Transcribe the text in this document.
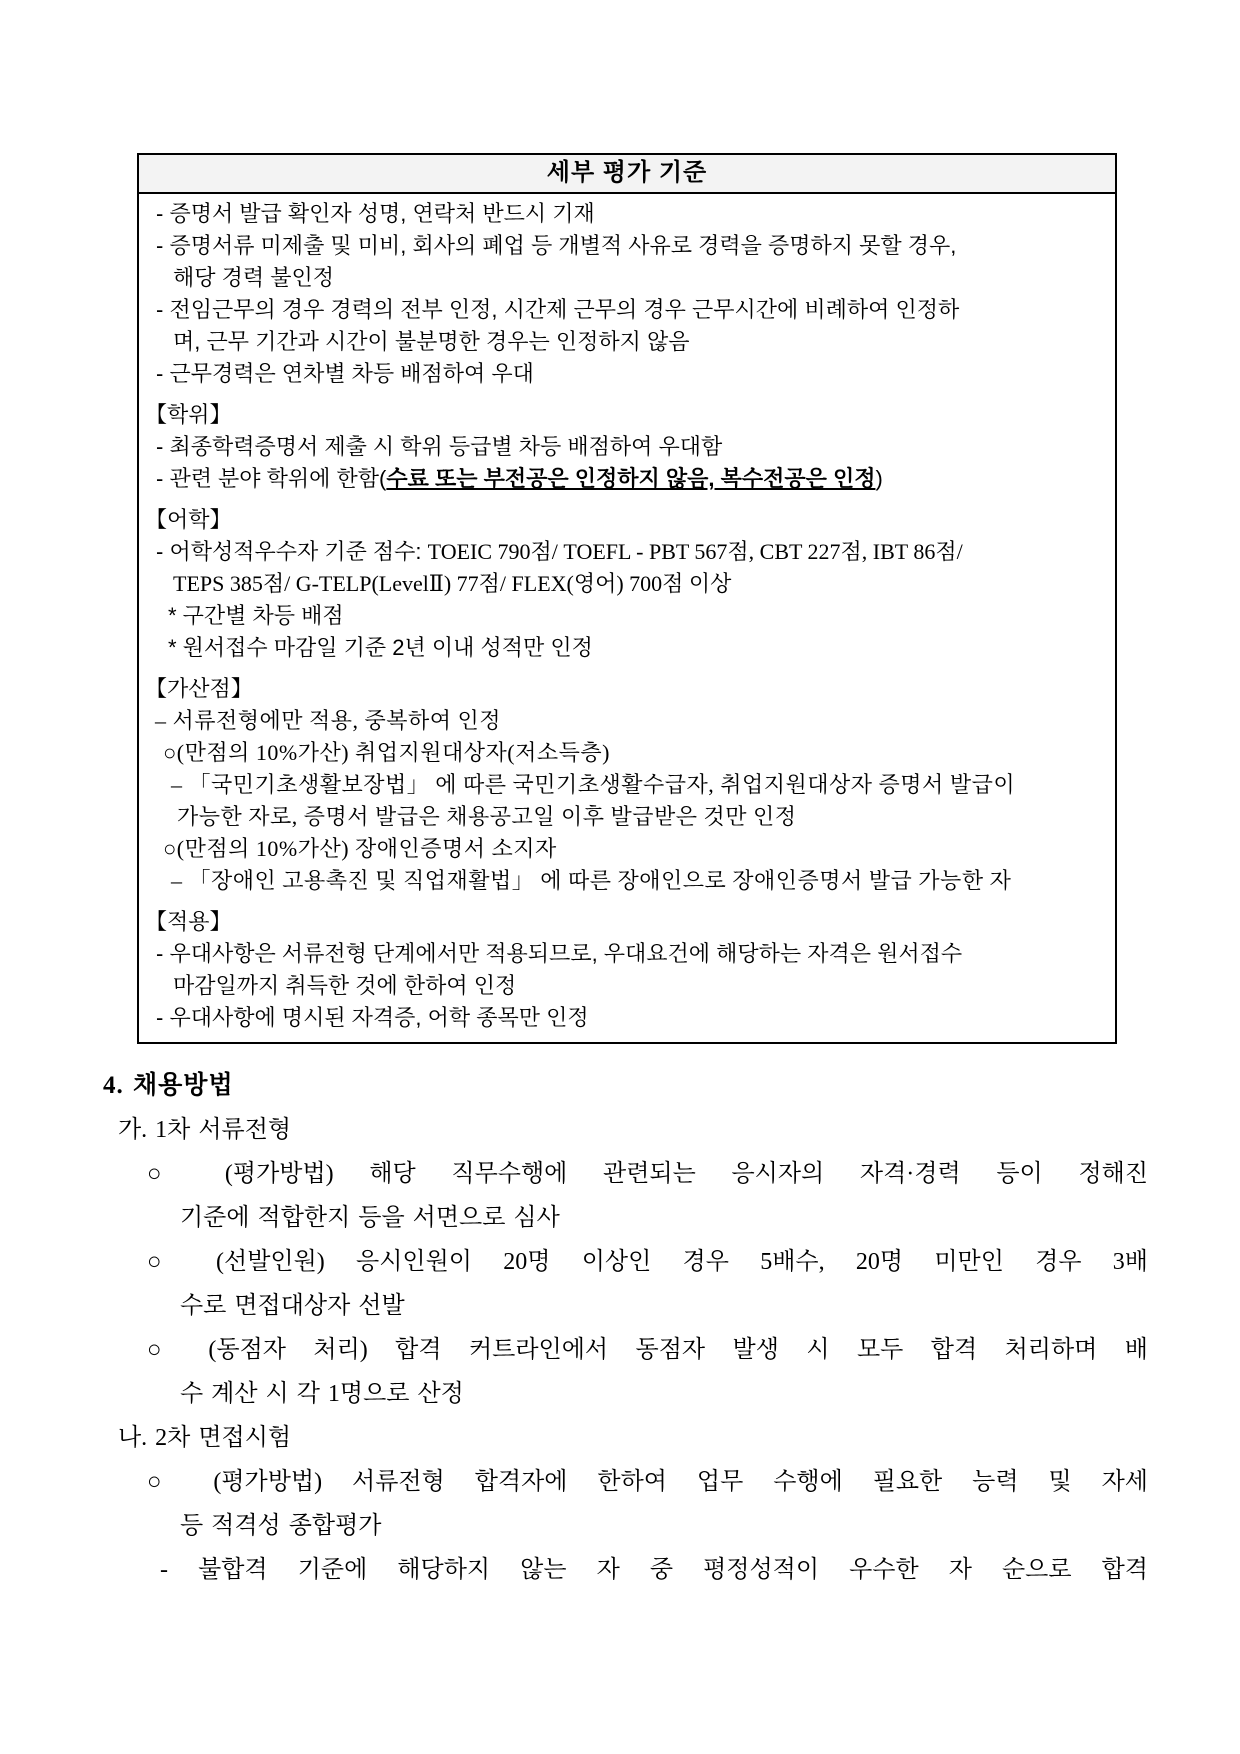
세부 평가 기준
- 증명서 발급 확인자 성명, 연락처 반드시 기재
- 증명서류 미제출 및 미비, 회사의 폐업 등 개별적 사유로 경력을 증명하지 못할 경우,
해당 경력 불인정
- 전임근무의 경우 경력의 전부 인정, 시간제 근무의 경우 근무시간에 비례하여 인정하
며, 근무 기간과 시간이 불분명한 경우는 인정하지 않음
- 근무경력은 연차별 차등 배점하여 우대
【학위】
- 최종학력증명서 제출 시 학위 등급별 차등 배점하여 우대함
- 관련 분야 학위에 한함(수료 또는 부전공은 인정하지 않음, 복수전공은 인정)
【어학】
- 어학성적우수자 기준 점수: TOEIC 790점/ TOEFL - PBT 567점, CBT 227점, IBT 86점/
TEPS 385점/ G-TELP(LevelⅡ) 77점/ FLEX(영어) 700점 이상
* 구간별 차등 배점
* 원서접수 마감일 기준 2년 이내 성적만 인정
【가산점】
– 서류전형에만 적용, 중복하여 인정
○(만점의 10%가산) 취업지원대상자(저소득층)
– 「국민기초생활보장법」 에 따른 국민기초생활수급자, 취업지원대상자 증명서 발급이
가능한 자로, 증명서 발급은 채용공고일 이후 발급받은 것만 인정
○(만점의 10%가산) 장애인증명서 소지자
– 「장애인 고용촉진 및 직업재활법」 에 따른 장애인으로 장애인증명서 발급 가능한 자
【적용】
- 우대사항은 서류전형 단계에서만 적용되므로, 우대요건에 해당하는 자격은 원서접수
마감일까지 취득한 것에 한하여 인정
- 우대사항에 명시된 자격증, 어학 종목만 인정
4. 채용방법
가. 1차 서류전형
○ (평가방법) 해당 직무수행에 관련되는 응시자의 자격·경력 등이 정해진
기준에 적합한지 등을 서면으로 심사
○ (선발인원) 응시인원이 20명 이상인 경우 5배수, 20명 미만인 경우 3배
수로 면접대상자 선발
○ (동점자 처리) 합격 커트라인에서 동점자 발생 시 모두 합격 처리하며 배
수 계산 시 각 1명으로 산정
나. 2차 면접시험
○ (평가방법) 서류전형 합격자에 한하여 업무 수행에 필요한 능력 및 자세
등 적격성 종합평가
- 불합격 기준에 해당하지 않는 자 중 평정성적이 우수한 자 순으로 합격
